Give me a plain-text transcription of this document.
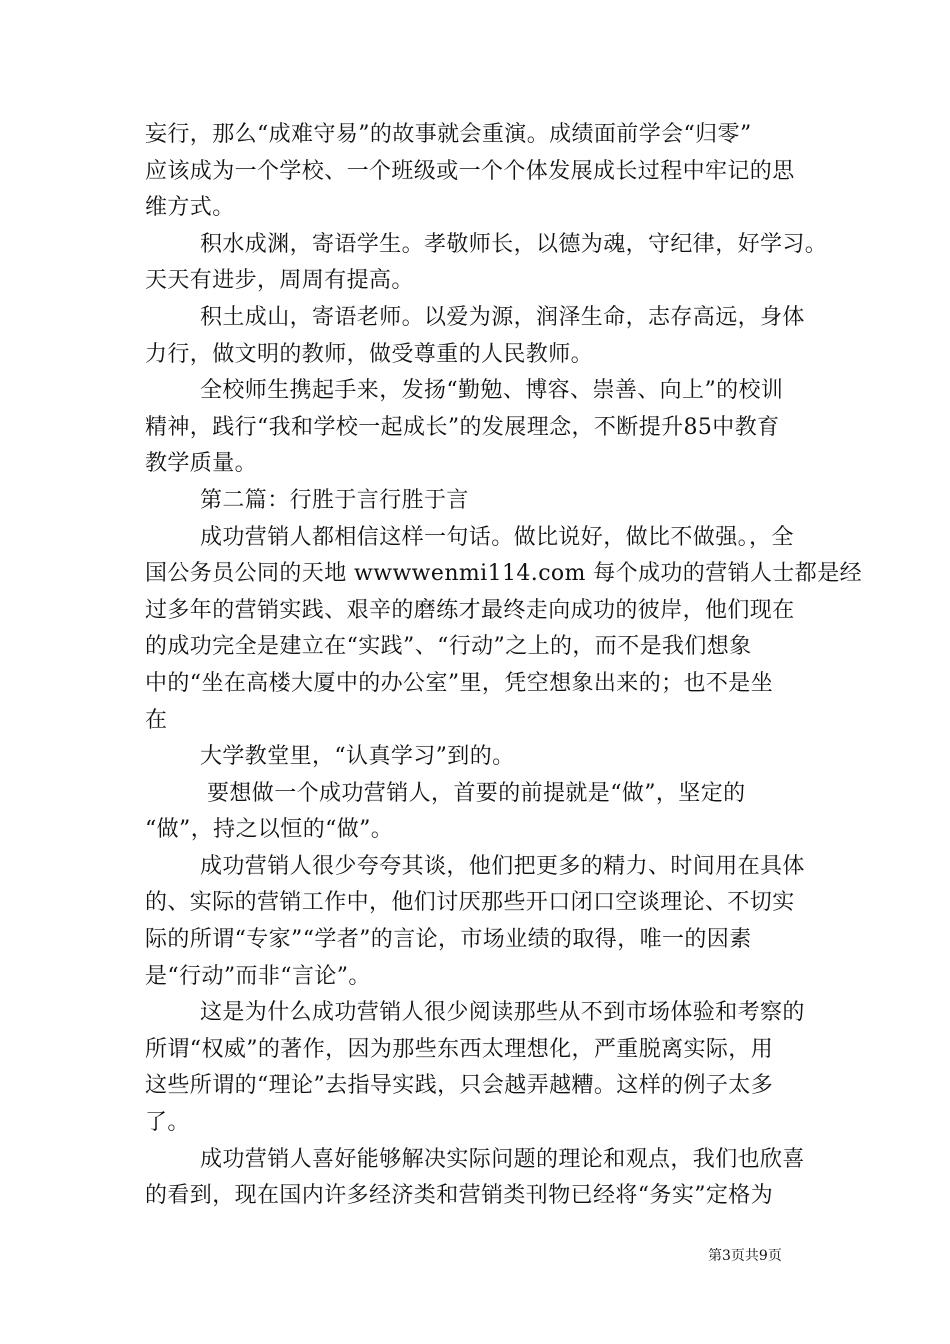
妄行，那么“成难守易”的故事就会重演。成绩面前学会“归零”
应该成为一个学校、一个班级或一个个体发展成长过程中牢记的思
维方式。
积水成渊，寄语学生。孝敬师长，以德为魂，守纪律，好学习。
天天有进步，周周有提高。
积土成山，寄语老师。以爱为源，润泽生命，志存高远，身体
力行，做文明的教师，做受尊重的人民教师。
全校师生携起手来，发扬“勤勉、博容、崇善、向上”的校训
精神，践行“我和学校一起成长”的发展理念，不断提升85中教育
教学质量。
第二篇：行胜于言行胜于言
成功营销人都相信这样一句话。做比说好，做比不做强。，全
国公务员公同的天地 wwwwenmi114.com 每个成功的营销人士都是经
过多年的营销实践、艰辛的磨练才最终走向成功的彼岸，他们现在
的成功完全是建立在“实践”、“行动”之上的，而不是我们想象
中的“坐在高楼大厦中的办公室”里，凭空想象出来的；也不是坐
在
大学教堂里，“认真学习”到的。
要想做一个成功营销人，首要的前提就是“做”，坚定的
“做”，持之以恒的“做”。
成功营销人很少夸夸其谈，他们把更多的精力、时间用在具体
的、实际的营销工作中，他们讨厌那些开口闭口空谈理论、不切实
际的所谓“专家”“学者”的言论，市场业绩的取得，唯一的因素
是“行动”而非“言论”。
这是为什么成功营销人很少阅读那些从不到市场体验和考察的
所谓“权威”的著作，因为那些东西太理想化，严重脱离实际，用
这些所谓的“理论”去指导实践，只会越弄越糟。这样的例子太多
了。
成功营销人喜好能够解决实际问题的理论和观点，我们也欣喜
的看到，现在国内许多经济类和营销类刊物已经将“务实”定格为
第3页共9页
